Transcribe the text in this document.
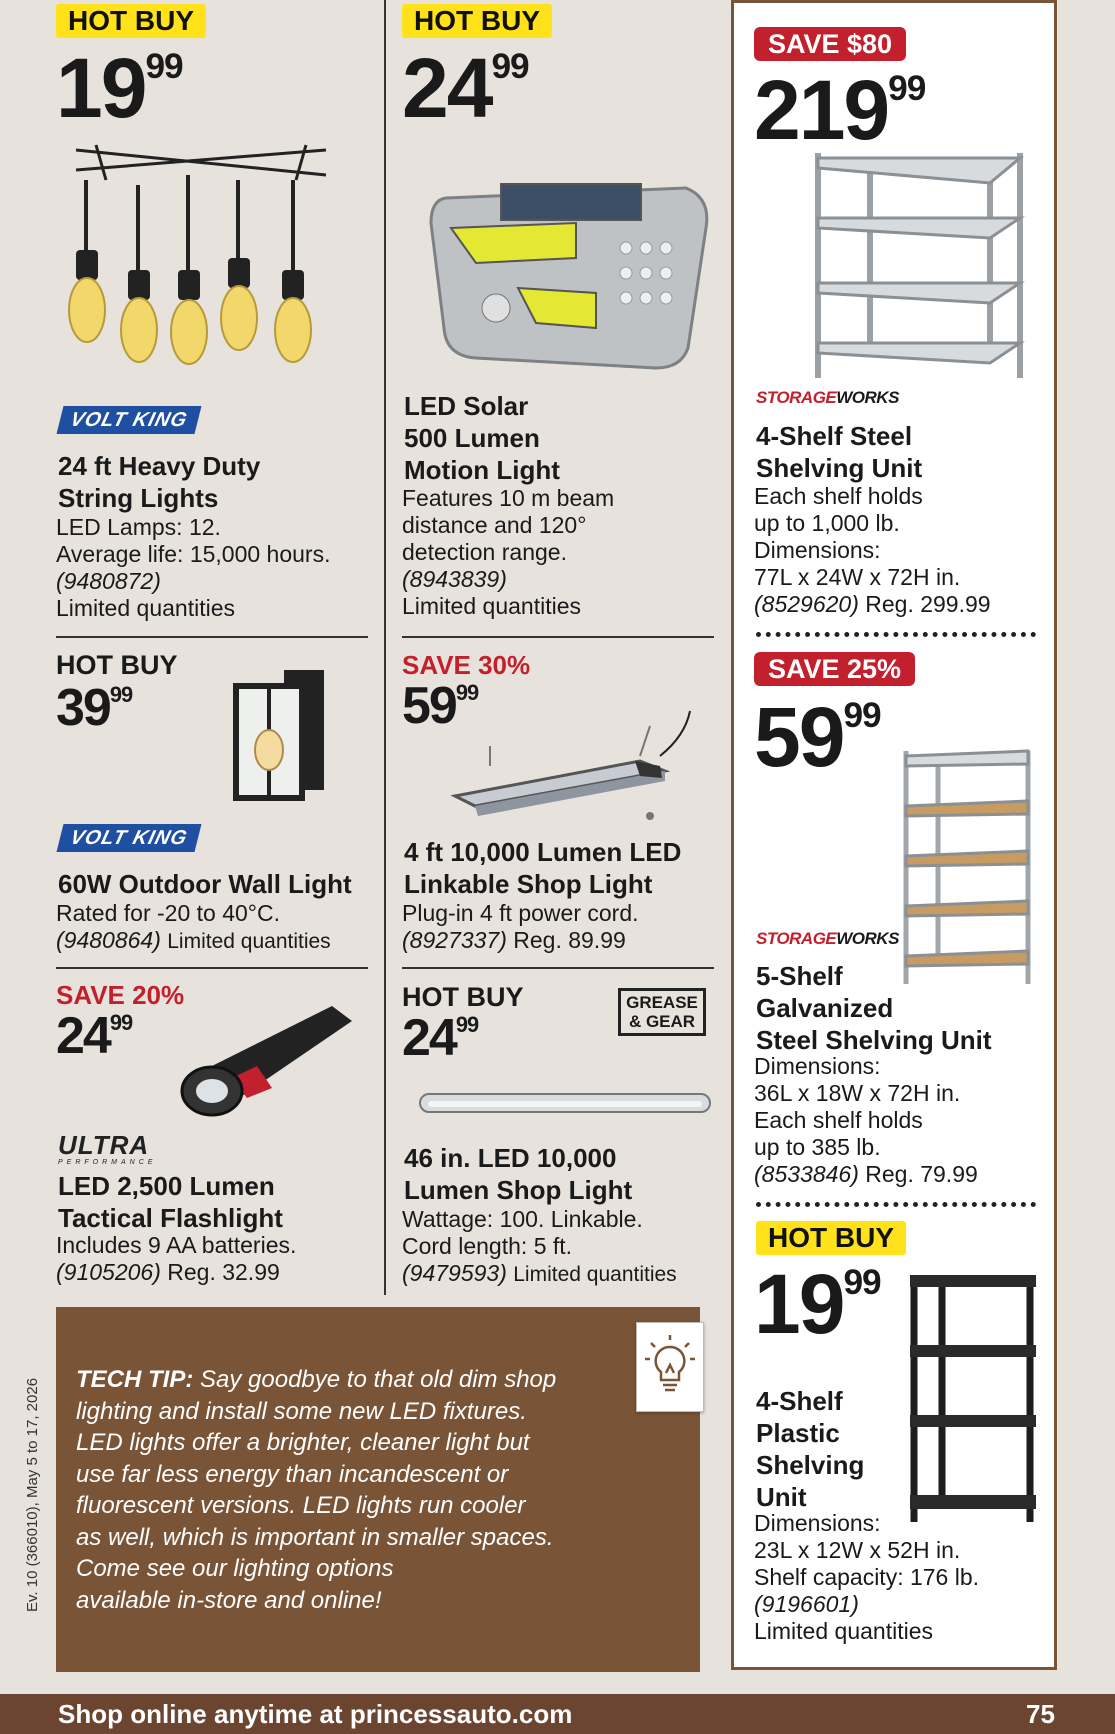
HOT BUY
$19^{99}$
VOLT KING
24 ft Heavy Duty
String Lights
LED Lamps: 12.
Average life: 15,000 hours.
(9480872)
Limited quantities
HOT BUY
$24^{99}$
LED Solar
500 Lumen
Motion Light
Features 10 m beam
distance and 120°
detection range.
(8943839)
Limited quantities
SAVE $80
$219^{99}$
STORAGEWORKS
4-Shelf Steel
Shelving Unit
Each shelf holds
up to 1,000 lb.
Dimensions:
77L x 24W x 72H in.
(8529620) Reg. 299.99
HOT BUY
$39^{99}$
VOLT KING
60W Outdoor Wall Light
Rated for -20 to 40°C.
(9480864) Limited quantities
SAVE 30%
$59^{99}$
4 ft 10,000 Lumen LED
Linkable Shop Light
Plug-in 4 ft power cord.
(8927337) Reg. 89.99
SAVE 25%
$59^{99}$
STORAGEWORKS
5-Shelf
Galvanized
Steel Shelving Unit
Dimensions:
36L x 18W x 72H in.
Each shelf holds
up to 385 lb.
(8533846) Reg. 79.99
SAVE 20%
$24^{99}$
ULTRA
PERFORMANCE
LED 2,500 Lumen
Tactical Flashlight
Includes 9 AA batteries.
(9105206) Reg. 32.99
HOT BUY
$24^{99}$
GREASE & GEAR
46 in. LED 10,000
Lumen Shop Light
Wattage: 100. Linkable.
Cord length: 5 ft.
(9479593) Limited quantities
HOT BUY
$19^{99}$
4-Shelf
Plastic
Shelving
Unit
Dimensions:
23L x 12W x 52H in.
Shelf capacity: 176 lb.
(9196601)
Limited quantities
TECH TIP: Say goodbye to that old dim shop
lighting and install some new LED fixtures.
LED lights offer a brighter, cleaner light but
use far less energy than incandescent or
fluorescent versions. LED lights run cooler
as well, which is important in smaller spaces.
Come see our lighting options
available in-store and online!
Ev. 10 (366010), May 5 to 17, 2026
Shop online anytime at princessauto.com	75
